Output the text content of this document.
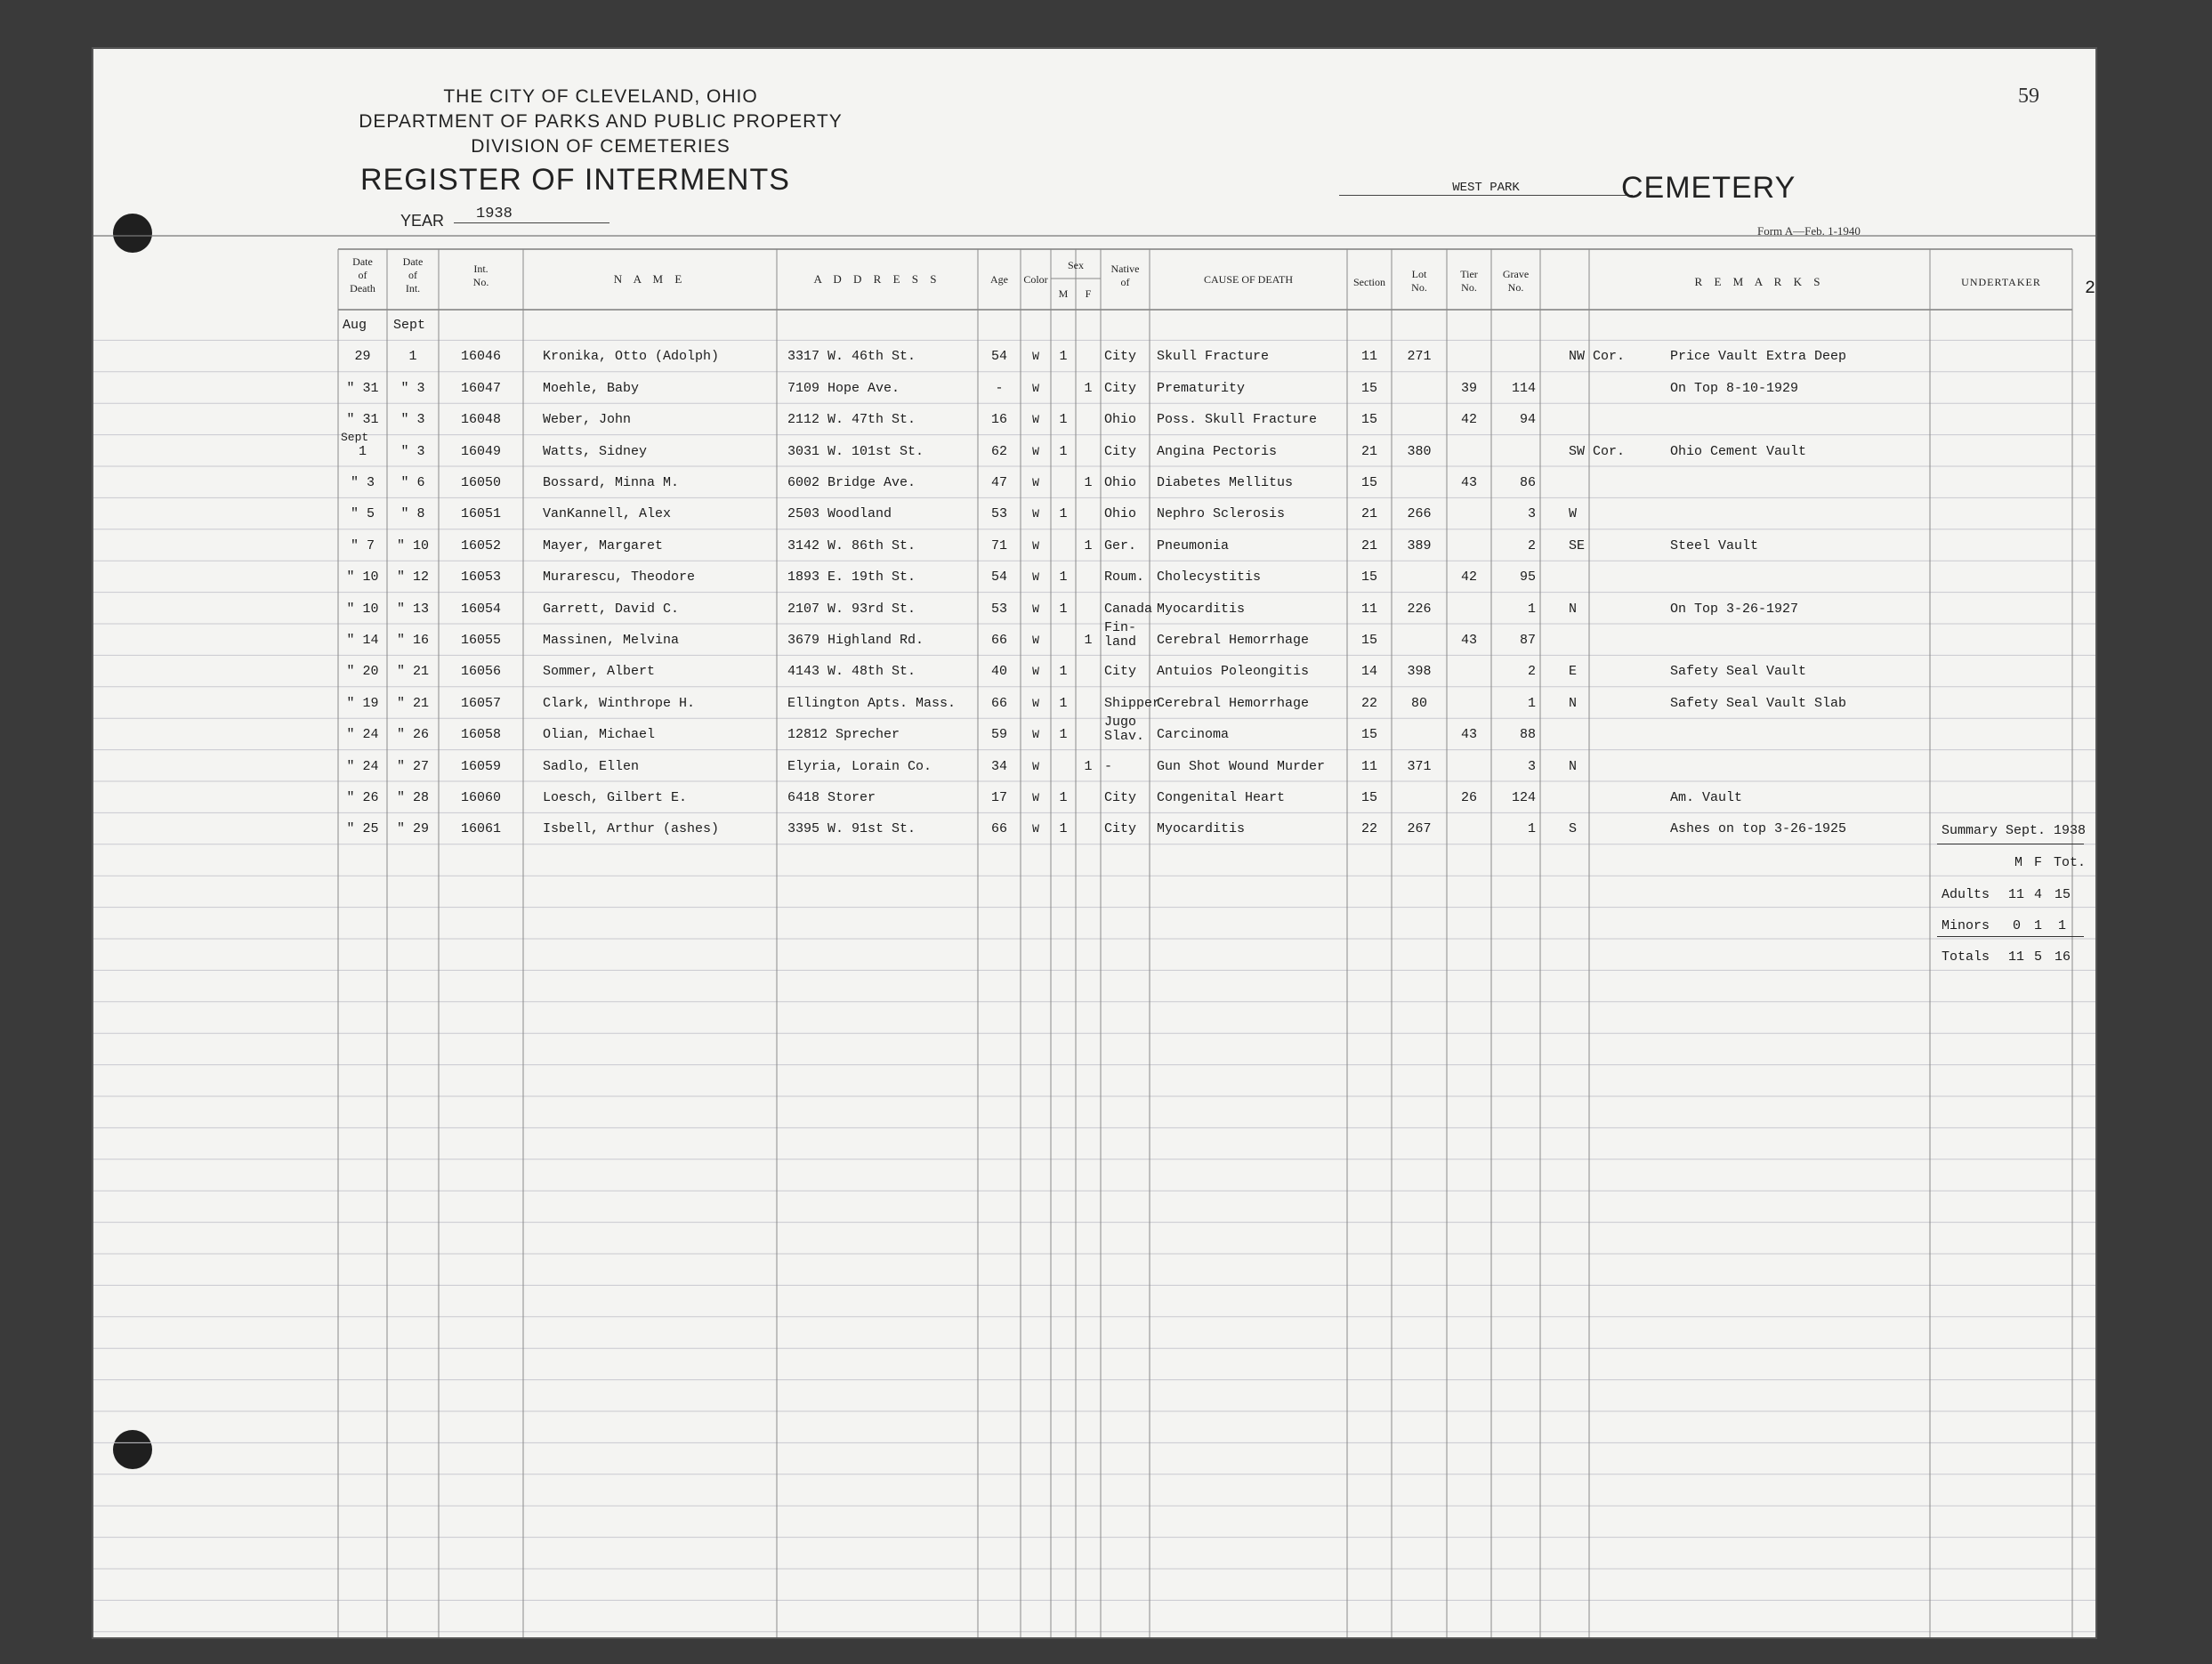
THE CITY OF CLEVELAND, OHIO
DEPARTMENT OF PARKS AND PUBLIC PROPERTY
DIVISION OF CEMETERIES
REGISTER OF INTERMENTS
YEAR	1938
WEST PARK	CEMETERY
59
Form A—Feb. 1-1940
Date
of
Death
Date
of
Int.
Int.
No.	N A M E	A D D R E S S	Age	Color
Sex
M	F
Native
of	CAUSE OF DEATH	Section
Lot
No.
Tier
No.
Grave
No.	R E M A R K S	UNDERTAKER
Aug Sept
29	1	16046	Kronika, Otto (Adolph)	3317 W. 46th St.	54	W	1	City Skull Fracture	11	271	NW Cor.	Price Vault Extra Deep
" 31	" 3	16047	Moehle, Baby	7109 Hope Ave.	-	W	1 City Prematurity	15	39	114	On Top 8-10-1929
" 31	" 3	16048	Weber, John	2112 W. 47th St.	16	W	1	Ohio Poss. Skull Fracture	15	42	94
1
Sept
" 3	16049	Watts, Sidney	3031 W. 101st St.	62	W	1	City Angina Pectoris	21	380	SW Cor.	Ohio Cement Vault
" 3	" 6	16050	Bossard, Minna M.	6002 Bridge Ave.	47	W	1 Ohio Diabetes Mellitus	15	43	86
" 5	" 8	16051	VanKannell, Alex	2503 Woodland	53	W	1	Ohio Nephro Sclerosis	21	266	3 W
" 7	" 10	16052	Mayer, Margaret	3142 W. 86th St.	71	W	1 Ger. Pneumonia	21	389	2 SE	Steel Vault
" 10	" 12	16053	Murarescu, Theodore	1893 E. 19th St.	54	W	1	Roum. Cholecystitis	15	42	95
" 10	" 13	16054	Garrett, David C.	2107 W. 93rd St.	53	W	1	Canada Myocarditis	11	226	1 N	On Top 3-26-1927
" 14	" 16	16055	Massinen, Melvina	3679 Highland Rd.	66	W	1
Fin-
land Cerebral Hemorrhage	15	43	87
" 20	" 21	16056	Sommer, Albert	4143 W. 48th St.	40	W	1	City Antuios Poleongitis	14	398	2 E	Safety Seal Vault
" 19	" 21	16057	Clark, Winthrope H.	Ellington Apts. Mass.	66	W	1	Shipper
Cerebral Hemorrhage	22	80	1 N	Safety Seal Vault Slab
" 24	" 26	16058	Olian, Michael	12812 Sprecher	59	W	1
Jugo
Slav. Carcinoma	15	43	88
" 24	" 27	16059	Sadlo, Ellen	Elyria, Lorain Co.	34	W	1 -	Gun Shot Wound Murder	11	371	3 N
" 26	" 28	16060	Loesch, Gilbert E.	6418 Storer	17	W	1	City Congenital Heart	15	26	124	Am. Vault
" 25	" 29	16061	Isbell, Arthur (ashes)	3395 W. 91st St.	66	W	1	City Myocarditis	22	267	1 S	Ashes on top 3-26-1925	Summary Sept. 1938
M F Tot.
Adults 11 4 15
Minors 0 1 1
Totals 11 5 16
2
